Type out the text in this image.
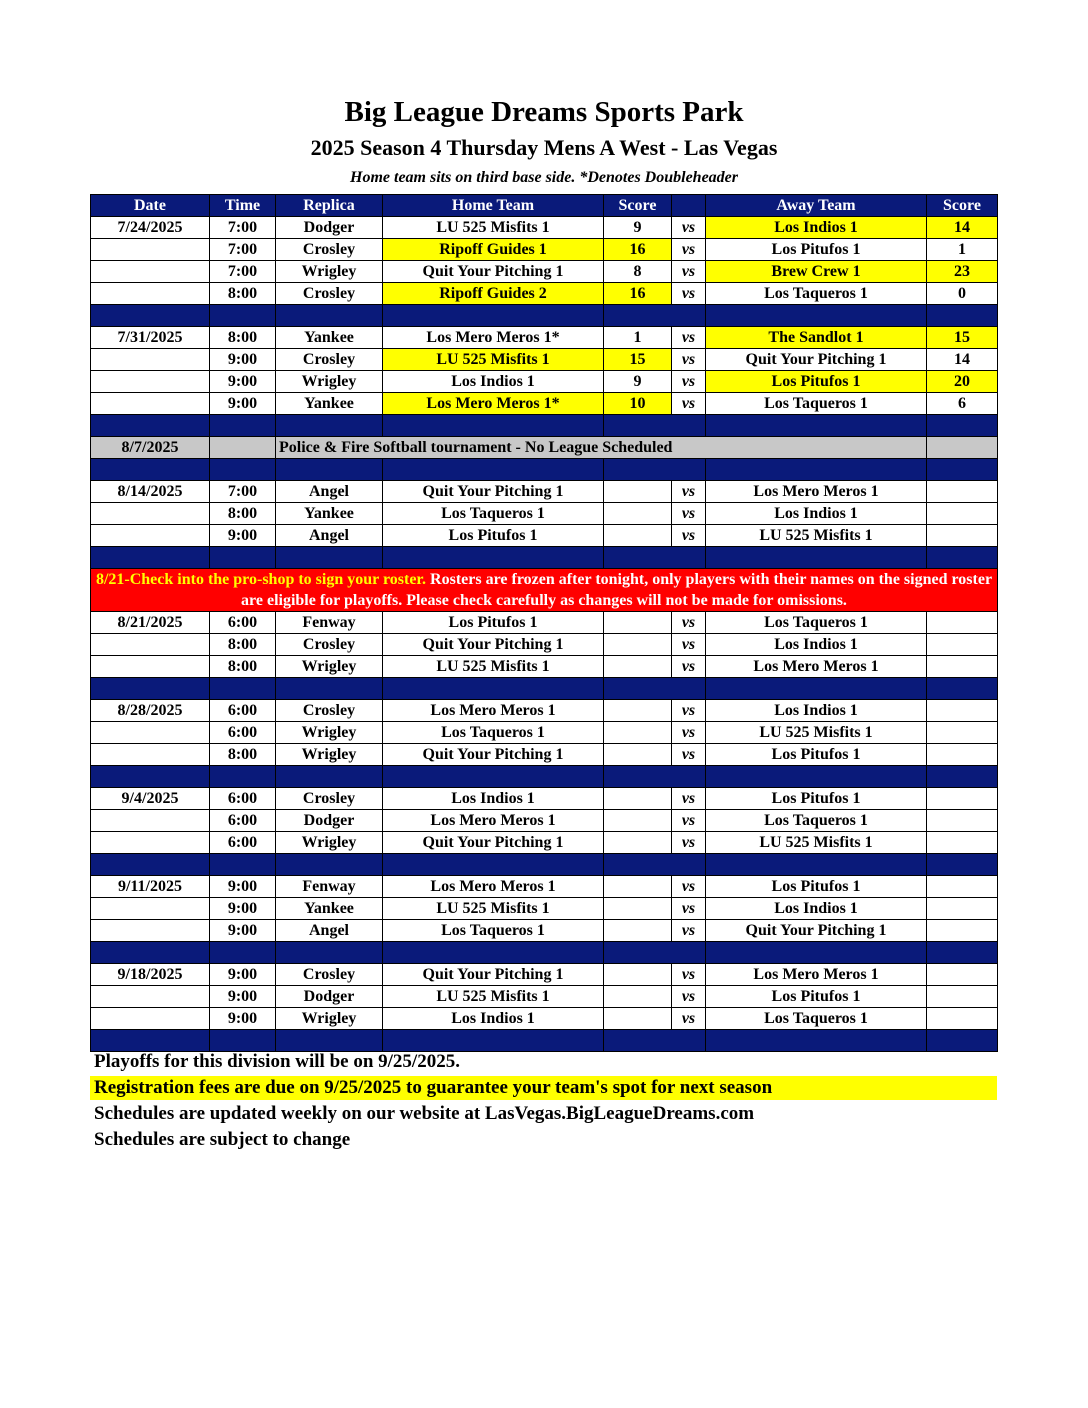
Big League Dreams Sports Park
2025 Season 4 Thursday Mens A West - Las Vegas
Home team sits on third base side. *Denotes Doubleheader
Date	Time	Replica	Home Team	Score		Away Team	Score
7/24/2025	7:00	Dodger	LU 525 Misfits 1	9	vs	Los Indios 1	14
	7:00	Crosley	Ripoff Guides 1	16	vs	Los Pitufos 1	1
	7:00	Wrigley	Quit Your Pitching 1	8	vs	Brew Crew 1	23
	8:00	Crosley	Ripoff Guides 2	16	vs	Los Taqueros 1	0

7/31/2025	8:00	Yankee	Los Mero Meros 1*	1	vs	The Sandlot 1	15
	9:00	Crosley	LU 525 Misfits 1	15	vs	Quit Your Pitching 1	14
	9:00	Wrigley	Los Indios 1	9	vs	Los Pitufos 1	20
	9:00	Yankee	Los Mero Meros 1*	10	vs	Los Taqueros 1	6

8/7/2025		Police & Fire Softball tournament - No League Scheduled					

8/14/2025	7:00	Angel	Quit Your Pitching 1		vs	Los Mero Meros 1	
	8:00	Yankee	Los Taqueros 1		vs	Los Indios 1	
	9:00	Angel	Los Pitufos 1		vs	LU 525 Misfits 1	

8/21-Check into the pro-shop to sign your roster. Rosters are frozen after tonight, only players with their names on the signed roster are eligible for playoffs. Please check carefully as changes will not be made for omissions.							
8/21/2025	6:00	Fenway	Los Pitufos 1		vs	Los Taqueros 1	
	8:00	Crosley	Quit Your Pitching 1		vs	Los Indios 1	
	8:00	Wrigley	LU 525 Misfits 1		vs	Los Mero Meros 1	

8/28/2025	6:00	Crosley	Los Mero Meros 1		vs	Los Indios 1	
	6:00	Wrigley	Los Taqueros 1		vs	LU 525 Misfits 1	
	8:00	Wrigley	Quit Your Pitching 1		vs	Los Pitufos 1	

9/4/2025	6:00	Crosley	Los Indios 1		vs	Los Pitufos 1	
	6:00	Dodger	Los Mero Meros 1		vs	Los Taqueros 1	
	6:00	Wrigley	Quit Your Pitching 1		vs	LU 525 Misfits 1	

9/11/2025	9:00	Fenway	Los Mero Meros 1		vs	Los Pitufos 1	
	9:00	Yankee	LU 525 Misfits 1		vs	Los Indios 1	
	9:00	Angel	Los Taqueros 1		vs	Quit Your Pitching 1	

9/18/2025	9:00	Crosley	Quit Your Pitching 1		vs	Los Mero Meros 1	
	9:00	Dodger	LU 525 Misfits 1		vs	Los Pitufos 1	
	9:00	Wrigley	Los Indios 1		vs	Los Taqueros 1	

Playoffs for this division will be on 9/25/2025.
Registration fees are due on 9/25/2025 to guarantee your team's spot for next season
Schedules are updated weekly on our website at LasVegas.BigLeagueDreams.com
Schedules are subject to change
